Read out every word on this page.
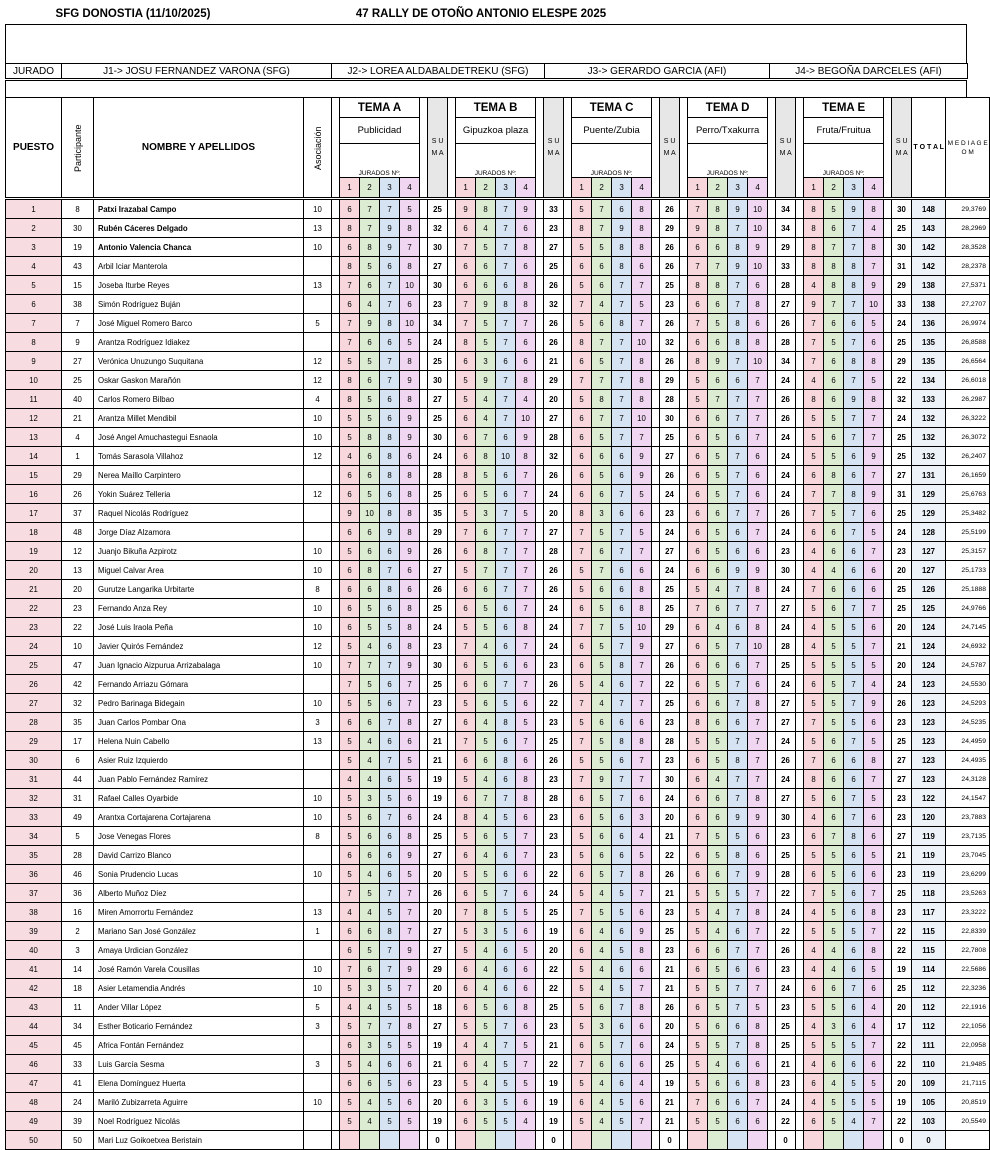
SFG DONOSTIA (11/10/2025)	47 RALLY DE OTOÑO ANTONIO ELESPE 2025
JURADO	J1-> JOSU FERNANDEZ VARONA (SFG)	J2-> LOREA ALDABALDETREKU (SFG)	J3-> GERARDO GARCIA (AFI)	J4-> BEGOÑA DARCELES (AFI)
PUESTO	Participante	NOMBRE Y APELLIDOS	Asociación		TEMA A					S U M A		TEMA B					S U M A		TEMA C					S U M A		TEMA D					S U M A		TEMA E					S U M A	T O T A L	M E D I A G E O M
					Publicidad							Gipuzkoa plaza							Puente/Zubia							Perro/Txakurra							Fruta/Fruitua							
					JURADOS Nº:							JURADOS Nº:							JURADOS Nº:							JURADOS Nº:							JURADOS Nº:							
					1	2	3	4				1	2	3	4				1	2	3	4				1	2	3	4				1	2	3	4				
1	8	Patxi Irazabal Campo	10		6	7	7	5		25		9	8	7	9		33		5	7	6	8		26		7	8	9	10		34		8	5	9	8		30	148	29,3769
2	30	Rubén Cáceres Delgado	13		8	7	9	8		32		6	4	7	6		23		8	7	9	8		29		9	8	7	10		34		8	6	7	4		25	143	28,2969
3	19	Antonio Valencia Chanca	10		6	8	9	7		30		7	5	7	8		27		5	5	8	8		26		6	6	8	9		29		8	7	7	8		30	142	28,3528
4	43	Arbil Iciar Manterola			8	5	6	8		27		6	6	7	6		25		6	6	8	6		26		7	7	9	10		33		8	8	8	7		31	142	28,2378
5	15	Joseba Iturbe Reyes	13		7	6	7	10		30		6	6	6	8		26		5	6	7	7		25		8	8	7	6		28		4	8	8	9		29	138	27,5371
6	38	Simón Rodríguez Buján			6	4	7	6		23		7	9	8	8		32		7	4	7	5		23		6	6	7	8		27		9	7	7	10		33	138	27,2707
7	7	José Miguel Romero Barco	5		7	9	8	10		34		7	5	7	7		26		5	6	8	7		26		7	5	8	6		26		7	6	6	5		24	136	26,9974
8	9	Arantza Rodríguez Idiakez			7	6	6	5		24		8	5	7	6		26		8	7	7	10		32		6	6	8	8		28		7	5	7	6		25	135	26,8588
9	27	Verónica Unuzungo Suquitana	12		5	5	7	8		25		6	3	6	6		21		6	5	7	8		26		8	9	7	10		34		7	6	8	8		29	135	26,6564
10	25	Oskar Gaskon Marañón	12		8	6	7	9		30		5	9	7	8		29		7	7	7	8		29		5	6	6	7		24		4	6	7	5		22	134	26,6018
11	40	Carlos Romero Bilbao	4		8	5	6	8		27		5	4	7	4		20		5	8	7	8		28		5	7	7	7		26		8	6	9	8		32	133	26,2987
12	21	Arantza Millet Mendibil	10		5	5	6	9		25		6	4	7	10		27		6	7	7	10		30		6	6	7	7		26		5	5	7	7		24	132	26,3222
13	4	José Angel Amuchastegui Esnaola	10		5	8	8	9		30		6	7	6	9		28		6	5	7	7		25		6	5	6	7		24		5	6	7	7		25	132	26,3072
14	1	Tomás Sarasola Villahoz	12		4	6	8	6		24		6	8	10	8		32		6	6	6	9		27		6	5	7	6		24		5	5	6	9		25	132	26,2407
15	29	Nerea Maíllo Carpintero			6	6	8	8		28		8	5	6	7		26		6	5	6	9		26		6	5	7	6		24		6	8	6	7		27	131	26,1659
16	26	Yokin Suárez Telleria	12		6	5	6	8		25		6	5	6	7		24		6	6	7	5		24		6	5	7	6		24		7	7	8	9		31	129	25,6763
17	37	Raquel Nicolás Rodríguez			9	10	8	8		35		5	3	7	5		20		8	3	6	6		23		6	6	7	7		26		7	5	7	6		25	129	25,3482
18	48	Jorge Díaz Alzamora			6	6	9	8		29		7	6	7	7		27		7	5	7	5		24		6	5	6	7		24		6	6	7	5		24	128	25,5199
19	12	Juanjo Bikuña Azpirotz	10		5	6	6	9		26		6	8	7	7		28		7	6	7	7		27		6	5	6	6		23		4	6	6	7		23	127	25,3157
20	13	Miguel Calvar Area	10		6	8	7	6		27		5	7	7	7		26		5	7	6	6		24		6	6	9	9		30		4	4	6	6		20	127	25,1733
21	20	Gurutze Langarika Urbitarte	8		6	6	8	6		26		6	6	7	7		26		5	6	6	8		25		5	4	7	8		24		7	6	6	6		25	126	25,1888
22	23	Fernando Anza Rey	10		6	5	6	8		25		6	5	6	7		24		6	5	6	8		25		7	6	7	7		27		5	6	7	7		25	125	24,9766
23	22	José Luis Iraola Peña	10		6	5	5	8		24		5	5	6	8		24		7	7	5	10		29		6	4	6	8		24		4	5	5	6		20	124	24,7145
24	10	Javier Quirós Fernández	12		5	4	6	8		23		7	4	6	7		24		6	5	7	9		27		6	5	7	10		28		4	5	5	7		21	124	24,6932
25	47	Juan Ignacio Aizpurua Arrizabalaga	10		7	7	7	9		30		6	5	6	6		23		6	5	8	7		26		6	6	6	7		25		5	5	5	5		20	124	24,5787
26	42	Fernando Arriazu Gómara			7	5	6	7		25		6	6	7	7		26		5	4	6	7		22		6	5	7	6		24		6	5	7	4		24	123	24,5530
27	32	Pedro Barinaga Bidegain	10		5	5	6	7		23		5	6	5	6		22		7	4	7	7		25		6	6	7	8		27		5	5	7	9		26	123	24,5293
28	35	Juan Carlos Pombar Ona	3		6	6	7	8		27		6	4	8	5		23		5	6	6	6		23		8	6	6	7		27		7	5	5	6		23	123	24,5235
29	17	Helena Nuin Cabello	13		5	4	6	6		21		7	5	6	7		25		7	5	8	8		28		5	5	7	7		24		5	6	7	5		25	123	24,4959
30	6	Asier Ruiz Izquierdo			5	4	7	5		21		6	6	8	6		26		5	5	6	7		23		6	5	8	7		26		7	6	6	8		27	123	24,4935
31	44	Juan Pablo Fernández Ramírez			4	4	6	5		19		5	4	6	8		23		7	9	7	7		30		6	4	7	7		24		8	6	6	7		27	123	24,3128
32	31	Rafael Calles Oyarbide	10		5	3	5	6		19		6	7	7	8		28		6	5	7	6		24		6	6	7	8		27		5	6	7	5		23	122	24,1547
33	49	Arantxa Cortajarena Cortajarena	10		5	6	7	6		24		8	4	5	6		23		6	5	6	3		20		6	6	9	9		30		4	6	7	6		23	120	23,7883
34	5	Jose Venegas Flores	8		5	6	6	8		25		5	6	5	7		23		5	6	6	4		21		7	5	5	6		23		6	7	8	6		27	119	23,7135
35	28	David Carrizo Blanco			6	6	6	9		27		6	4	6	7		23		5	6	6	5		22		6	5	8	6		25		5	5	6	5		21	119	23,7045
36	46	Sonia Prudencio Lucas	10		5	4	6	5		20		5	5	6	6		22		6	5	7	8		26		6	6	7	9		28		6	5	6	6		23	119	23,6299
37	36	Alberto Muñoz Díez			7	5	7	7		26		6	5	7	6		24		5	4	5	7		21		5	5	5	7		22		7	5	6	7		25	118	23,5263
38	16	Miren Amorrortu Fernández	13		4	4	5	7		20		7	8	5	5		25		7	5	5	6		23		5	4	7	8		24		4	5	6	8		23	117	23,3222
39	2	Mariano San José González	1		6	6	8	7		27		5	3	5	6		19		6	4	6	9		25		5	4	6	7		22		5	5	5	7		22	115	22,8339
40	3	Amaya Urdician González			6	5	7	9		27		5	4	6	5		20		6	4	5	8		23		6	6	7	7		26		4	4	6	8		22	115	22,7808
41	14	José Ramón Varela Cousillas	10		7	6	7	9		29		6	4	6	6		22		5	4	6	6		21		6	5	6	6		23		4	4	6	5		19	114	22,5686
42	18	Asier Letamendia Andrés	10		5	3	5	7		20		6	4	6	6		22		5	4	5	7		21		5	5	7	7		24		6	6	7	6		25	112	22,3236
43	11	Ander Villar López	5		4	4	5	5		18		6	5	6	8		25		5	6	7	8		26		6	5	7	5		23		5	5	6	4		20	112	22,1916
44	34	Esther Boticario Fernández	3		5	7	7	8		27		5	5	7	6		23		5	3	6	6		20		5	6	6	8		25		4	3	6	4		17	112	22,1056
45	45	Africa Fontán Fernández			6	3	5	5		19		4	4	7	5		21		6	5	7	6		24		5	5	7	8		25		5	5	5	7		22	111	22,0958
46	33	Luis García Sesma	3		5	4	6	6		21		6	4	5	7		22		7	6	6	6		25		5	4	6	6		21		4	6	6	6		22	110	21,9485
47	41	Elena Domínguez Huerta			6	6	5	6		23		5	4	5	5		19		5	4	6	4		19		5	6	6	8		23		6	4	5	5		20	109	21,7115
48	24	Mariló Zubizarreta Aguirre	10		5	4	5	6		20		6	3	5	6		19		6	4	5	6		21		7	6	6	7		24		4	5	5	5		19	105	20,8519
49	39	Noel Rodríguez Nicolás			5	4	5	5		19		6	5	5	4		19		5	4	5	7		21		5	5	6	6		22		6	5	4	7		22	103	20,5549
50	50	Mari Luz Goikoetxea Beristain								0							0							0							0							0	0	
